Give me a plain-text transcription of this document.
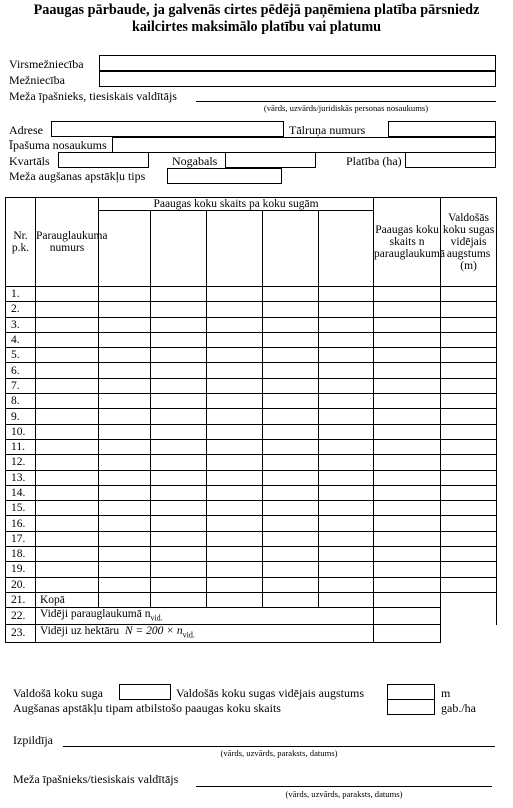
Paaugas pārbaude, ja galvenās cirtes pēdējā paņēmiena platība pārsniedz
kailcirtes maksimālo platību vai platumu
Virsmežniecība
Mežniecība
Meža īpašnieks, tiesiskais valdītājs
(vārds, uzvārds/juridiskās personas nosaukums)
Adrese	Tālruņa numurs
Īpašuma nosaukums
Kvartāls	Nogabals	Platība (ha)
Meža augšanas apstākļu tips
Nr. p.k.	Parauglaukuma numurs	Paaugas koku skaits pa koku sugām					Paaugas koku skaits n parauglaukumā	Valdošās koku sugas vidējais augstums (m)

1.								
2.								
3.								
4.								
5.								
6.								
7.								
8.								
9.								
10.								
11.								
12.								
13.								
14.								
15.								
16.								
17.								
18.								
19.								
20.								
21.	Kopā							
22.	Vidēji parauglaukumā $n_{vid.}$		
23.	Vidēji uz hektāru $N = 200 \times n_{vid.}$		
Valdošā koku suga	Valdošās koku sugas vidējais augstums	m
Augšanas apstākļu tipam atbilstošo paaugas koku skaits	gab./ha
Izpildīja
(vārds, uzvārds, paraksts, datums)
Meža īpašnieks/tiesiskais valdītājs
(vārds, uzvārds, paraksts, datums)
